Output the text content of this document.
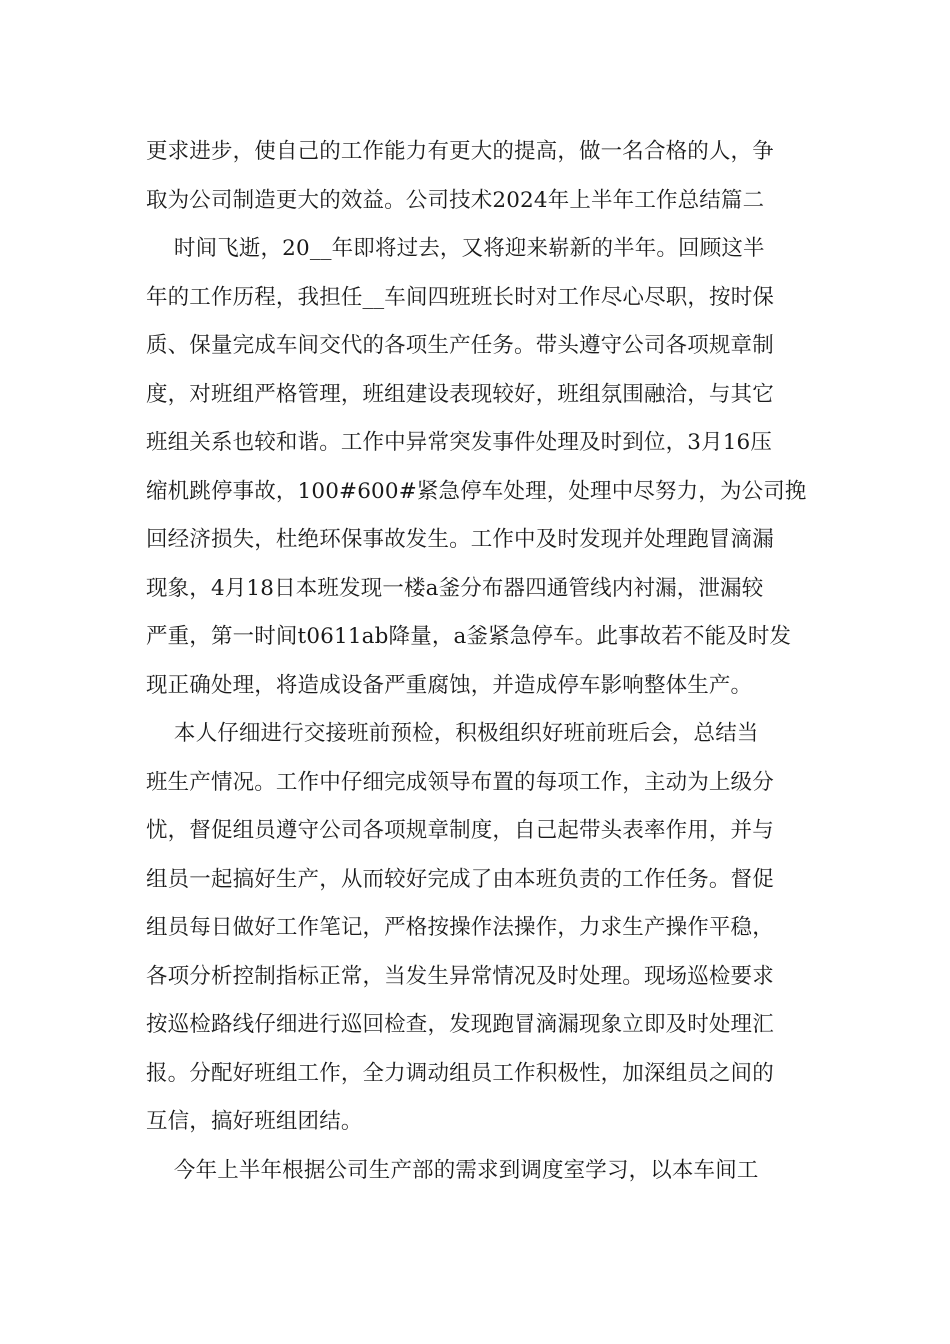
更求进步，使自己的工作能力有更大的提高，做一名合格的人，争
取为公司制造更大的效益。公司技术2024年上半年工作总结篇二
时间飞逝，20__年即将过去，又将迎来崭新的半年。回顾这半
年的工作历程，我担任__车间四班班长时对工作尽心尽职，按时保
质、保量完成车间交代的各项生产任务。带头遵守公司各项规章制
度，对班组严格管理，班组建设表现较好，班组氛围融洽，与其它
班组关系也较和谐。工作中异常突发事件处理及时到位，3月16压
缩机跳停事故，100#600#紧急停车处理，处理中尽努力，为公司挽
回经济损失，杜绝环保事故发生。工作中及时发现并处理跑冒滴漏
现象，4月18日本班发现一楼a釜分布器四通管线内衬漏，泄漏较
严重，第一时间t0611ab降量，a釜紧急停车。此事故若不能及时发
现正确处理，将造成设备严重腐蚀，并造成停车影响整体生产。
本人仔细进行交接班前预检，积极组织好班前班后会，总结当
班生产情况。工作中仔细完成领导布置的每项工作，主动为上级分
忧，督促组员遵守公司各项规章制度，自己起带头表率作用，并与
组员一起搞好生产，从而较好完成了由本班负责的工作任务。督促
组员每日做好工作笔记，严格按操作法操作，力求生产操作平稳，
各项分析控制指标正常，当发生异常情况及时处理。现场巡检要求
按巡检路线仔细进行巡回检查，发现跑冒滴漏现象立即及时处理汇
报。分配好班组工作，全力调动组员工作积极性，加深组员之间的
互信，搞好班组团结。
今年上半年根据公司生产部的需求到调度室学习，以本车间工
